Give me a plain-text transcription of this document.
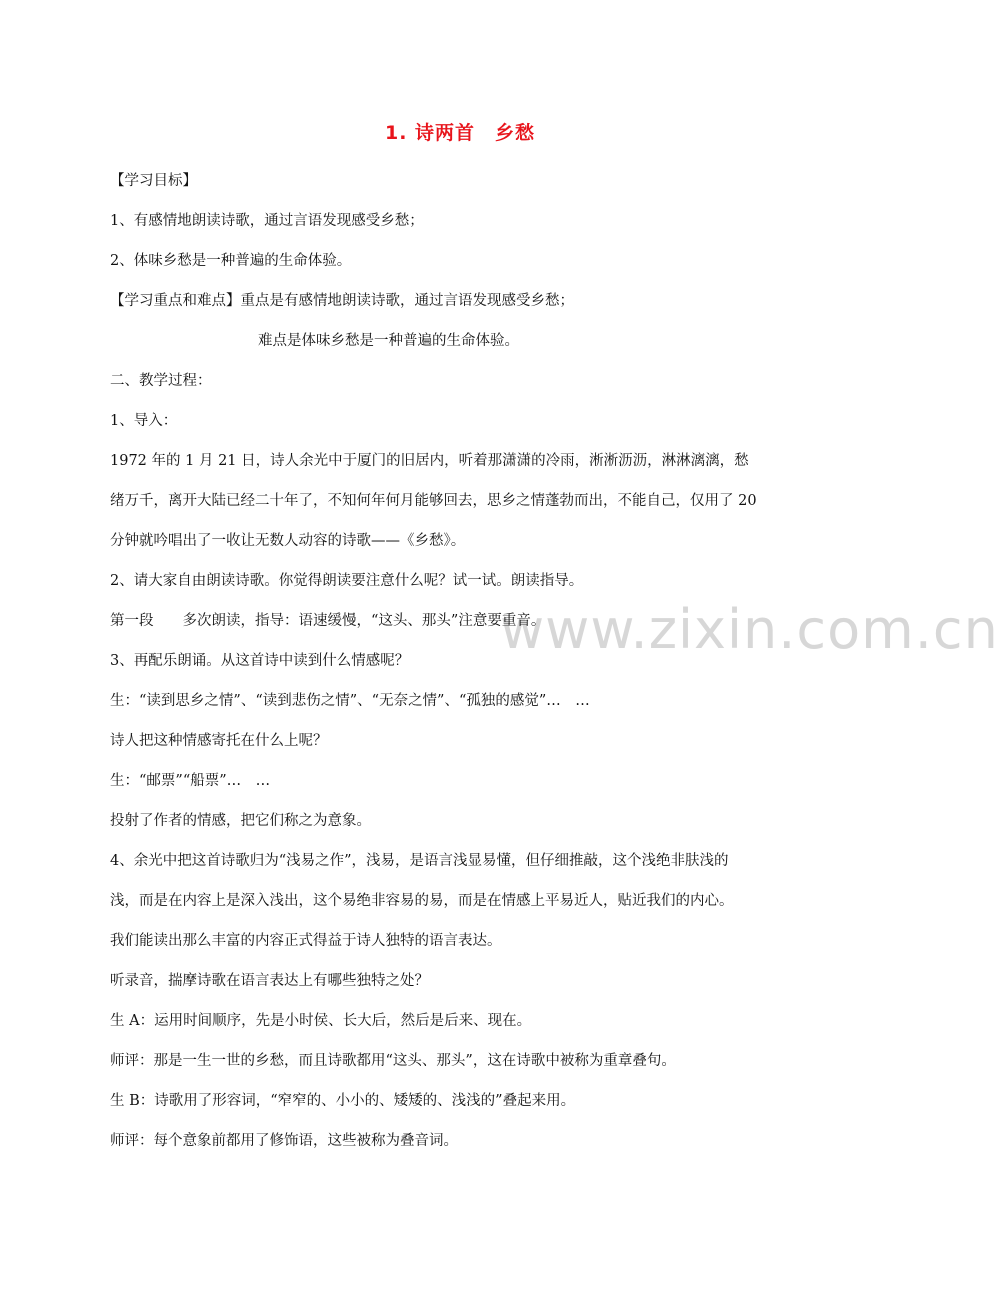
1. 诗两首　乡愁
www.zixin.com.cn
【学习目标】
1、有感情地朗读诗歌，通过言语发现感受乡愁；
2、体味乡愁是一种普遍的生命体验。
【学习重点和难点】重点是有感情地朗读诗歌，通过言语发现感受乡愁；
难点是体味乡愁是一种普遍的生命体验。
二、教学过程：
1、导入：
1972 年的 1 月 21 日，诗人余光中于厦门的旧居内，听着那潇潇的冷雨，淅淅沥沥，淋淋漓漓，愁
绪万千，离开大陆已经二十年了，不知何年何月能够回去，思乡之情蓬勃而出，不能自己，仅用了 20
分钟就吟唱出了一收让无数人动容的诗歌——《乡愁》。
2、请大家自由朗读诗歌。你觉得朗读要注意什么呢？试一试。朗读指导。
第一段　　多次朗读，指导：语速缓慢，“这头、那头”注意要重音。
3、再配乐朗诵。从这首诗中读到什么情感呢？
生：“读到思乡之情”、“读到悲伤之情”、“无奈之情”、“孤独的感觉”…　…
诗人把这种情感寄托在什么上呢？
生：“邮票”“船票”…　…
投射了作者的情感，把它们称之为意象。
4、余光中把这首诗歌归为“浅易之作”，浅易，是语言浅显易懂，但仔细推敲，这个浅绝非肤浅的
浅，而是在内容上是深入浅出，这个易绝非容易的易，而是在情感上平易近人，贴近我们的内心。
我们能读出那么丰富的内容正式得益于诗人独特的语言表达。
听录音，揣摩诗歌在语言表达上有哪些独特之处？
生 A：运用时间顺序，先是小时侯、长大后，然后是后来、现在。
师评：那是一生一世的乡愁，而且诗歌都用“这头、那头”，这在诗歌中被称为重章叠句。
生 B：诗歌用了形容词，“窄窄的、小小的、矮矮的、浅浅的”叠起来用。
师评：每个意象前都用了修饰语，这些被称为叠音词。
